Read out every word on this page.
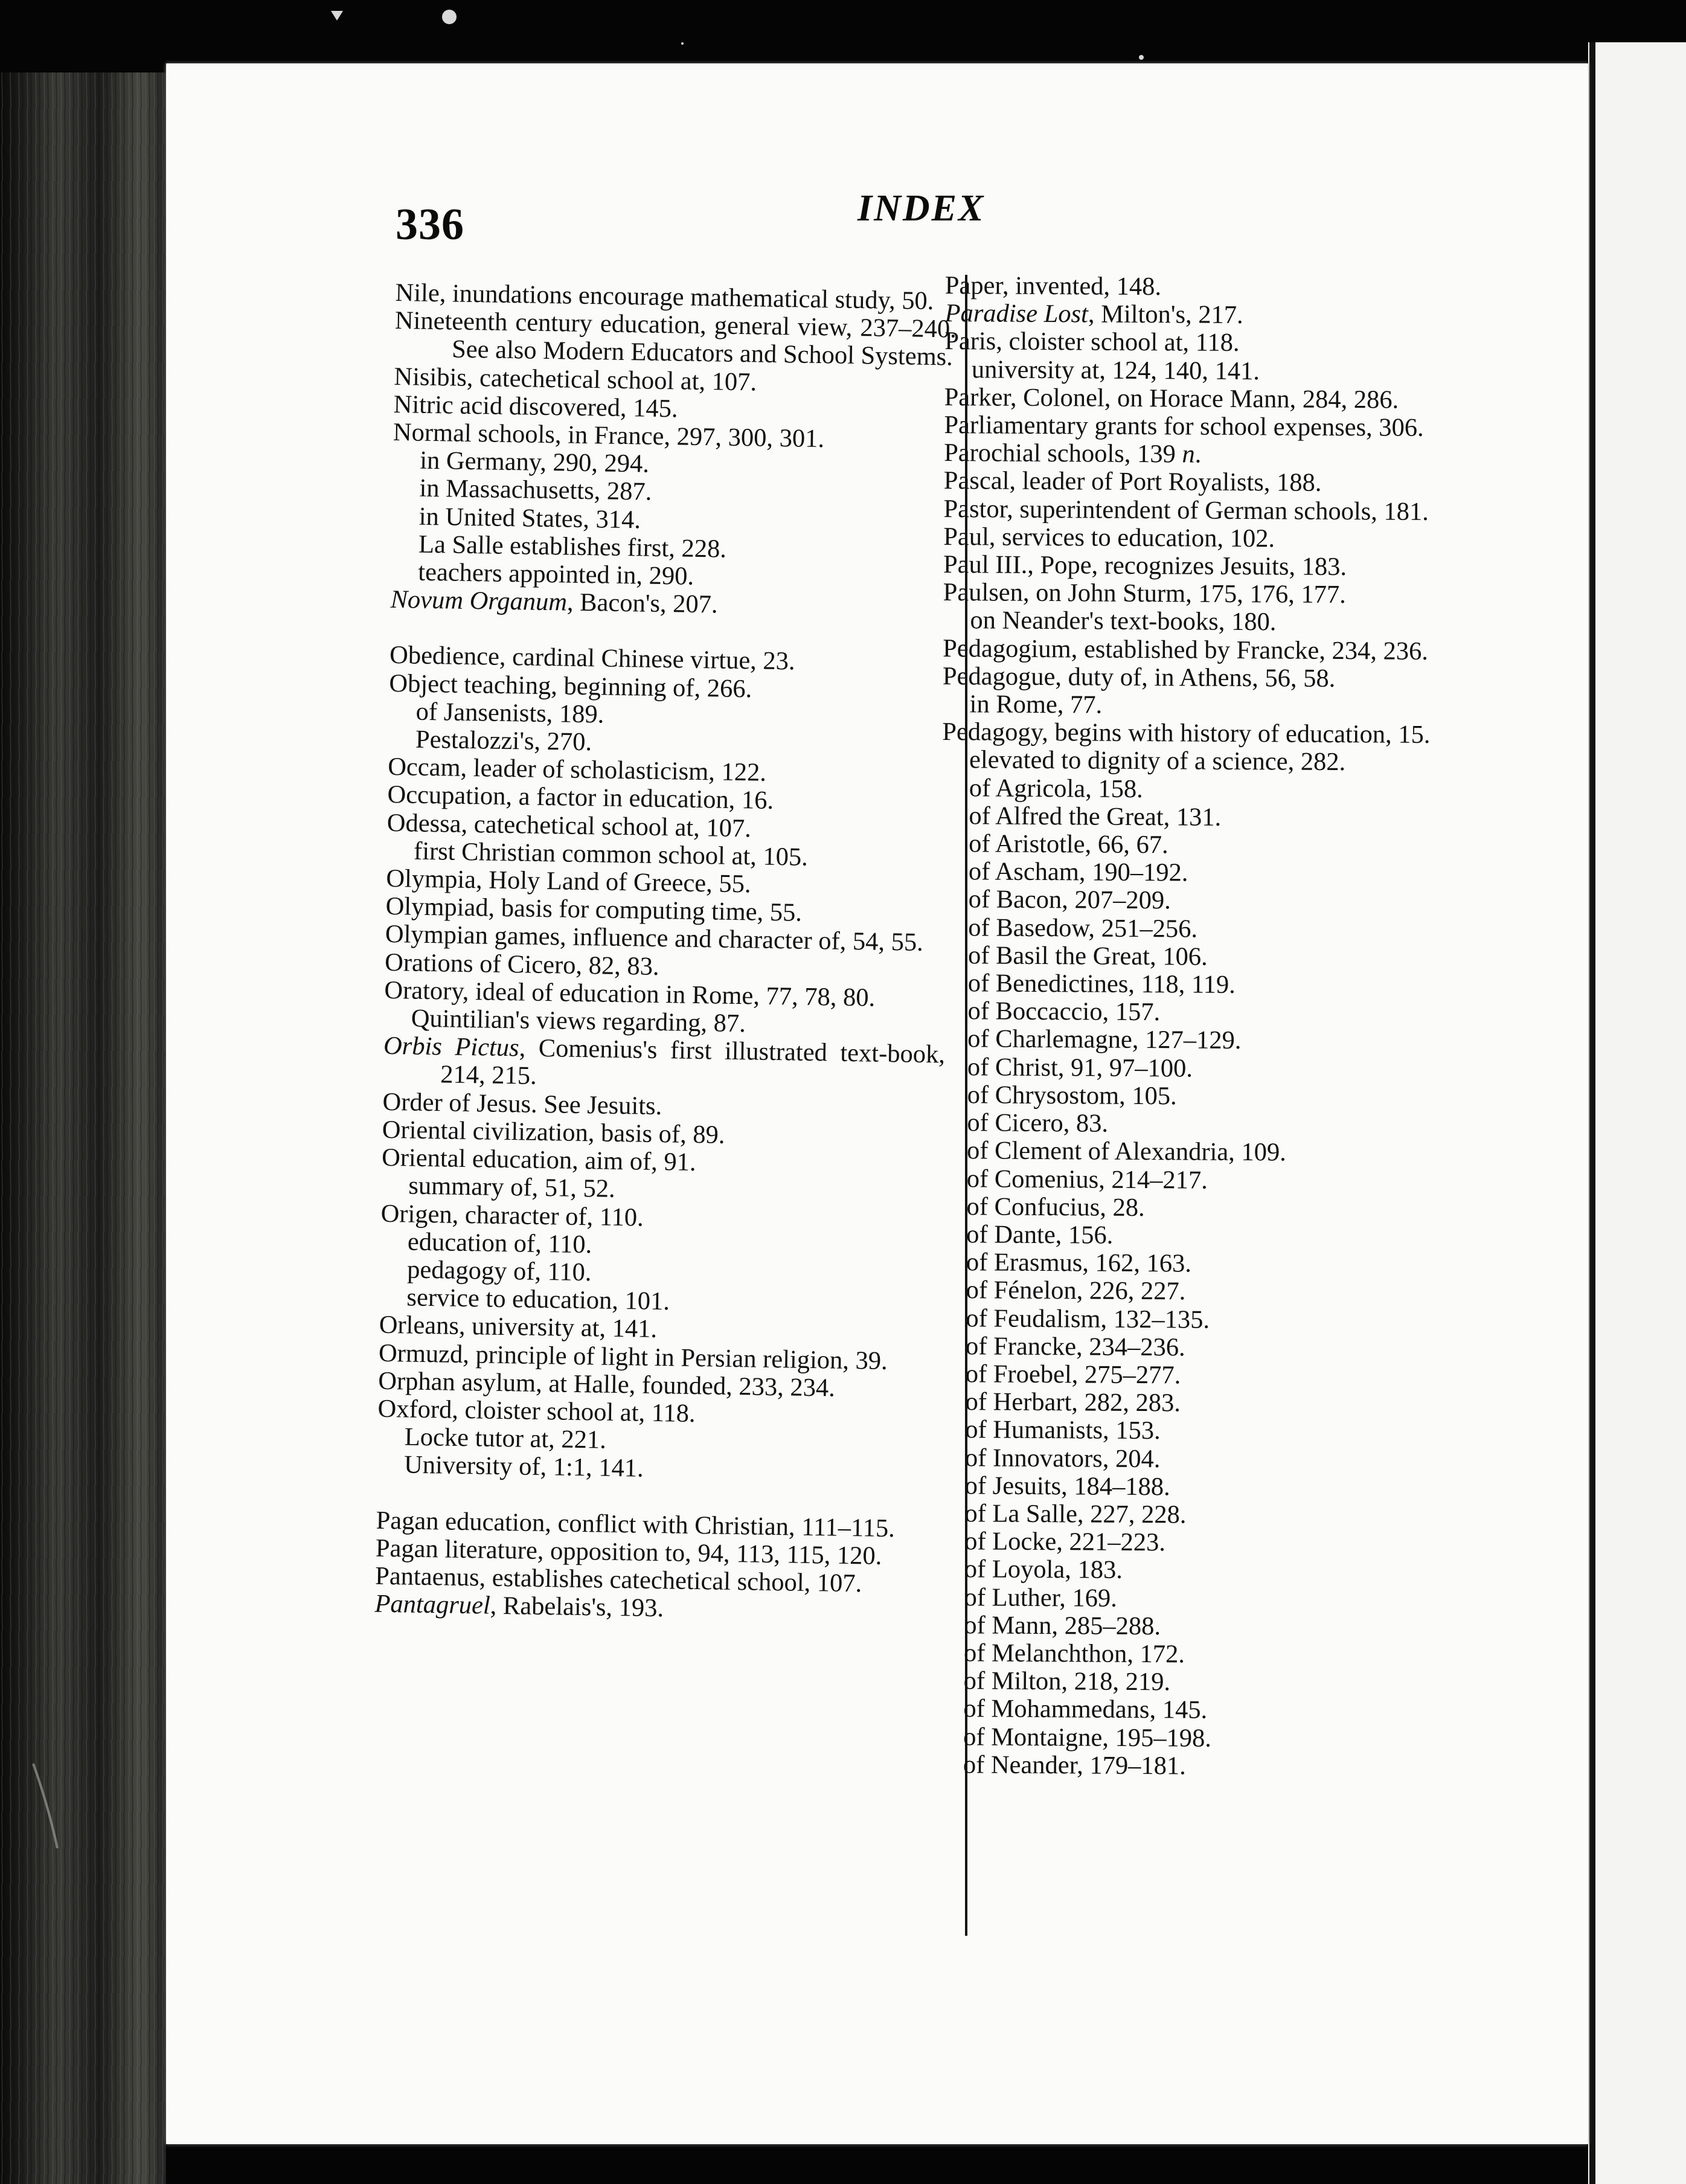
336	INDEX
Nile, inundations encourage mathematical study, 50.
Nineteenth century education, general view, 237–240. See also Modern Educators and School Systems.
Nisibis, catechetical school at, 107.
Nitric acid discovered, 145.
Normal schools, in France, 297, 300, 301.
in Germany, 290, 294.
in Massachusetts, 287.
in United States, 314.
La Salle establishes first, 228.
teachers appointed in, 290.
Novum Organum, Bacon's, 207.
Obedience, cardinal Chinese virtue, 23.
Object teaching, beginning of, 266.
of Jansenists, 189.
Pestalozzi's, 270.
Occam, leader of scholasticism, 122.
Occupation, a factor in education, 16.
Odessa, catechetical school at, 107.
first Christian common school at, 105.
Olympia, Holy Land of Greece, 55.
Olympiad, basis for computing time, 55.
Olympian games, influence and character of, 54, 55.
Orations of Cicero, 82, 83.
Oratory, ideal of education in Rome, 77, 78, 80.
Quintilian's views regarding, 87.
Orbis Pictus, Comenius's first illustrated text-book, 214, 215.
Order of Jesus. See Jesuits.
Oriental civilization, basis of, 89.
Oriental education, aim of, 91.
summary of, 51, 52.
Origen, character of, 110.
education of, 110.
pedagogy of, 110.
service to education, 101.
Orleans, university at, 141.
Ormuzd, principle of light in Persian religion, 39.
Orphan asylum, at Halle, founded, 233, 234.
Oxford, cloister school at, 118.
Locke tutor at, 221.
University of, 1:1, 141.
Pagan education, conflict with Christian, 111–115.
Pagan literature, opposition to, 94, 113, 115, 120.
Pantaenus, establishes catechetical school, 107.
Pantagruel, Rabelais's, 193.
Paper, invented, 148.
Paradise Lost, Milton's, 217.
Paris, cloister school at, 118.
university at, 124, 140, 141.
Parker, Colonel, on Horace Mann, 284, 286.
Parliamentary grants for school expenses, 306.
Parochial schools, 139 n.
Pascal, leader of Port Royalists, 188.
Pastor, superintendent of German schools, 181.
Paul, services to education, 102.
Paul III., Pope, recognizes Jesuits, 183.
Paulsen, on John Sturm, 175, 176, 177.
on Neander's text-books, 180.
Pedagogium, established by Francke, 234, 236.
Pedagogue, duty of, in Athens, 56, 58.
in Rome, 77.
Pedagogy, begins with history of education, 15.
elevated to dignity of a science, 282.
of Agricola, 158.
of Alfred the Great, 131.
of Aristotle, 66, 67.
of Ascham, 190–192.
of Bacon, 207–209.
of Basedow, 251–256.
of Basil the Great, 106.
of Benedictines, 118, 119.
of Boccaccio, 157.
of Charlemagne, 127–129.
of Christ, 91, 97–100.
of Chrysostom, 105.
of Cicero, 83.
of Clement of Alexandria, 109.
of Comenius, 214–217.
of Confucius, 28.
of Dante, 156.
of Erasmus, 162, 163.
of Fénelon, 226, 227.
of Feudalism, 132–135.
of Francke, 234–236.
of Froebel, 275–277.
of Herbart, 282, 283.
of Humanists, 153.
of Innovators, 204.
of Jesuits, 184–188.
of La Salle, 227, 228.
of Locke, 221–223.
of Loyola, 183.
of Luther, 169.
of Mann, 285–288.
of Melanchthon, 172.
of Milton, 218, 219.
of Mohammedans, 145.
of Montaigne, 195–198.
of Neander, 179–181.
